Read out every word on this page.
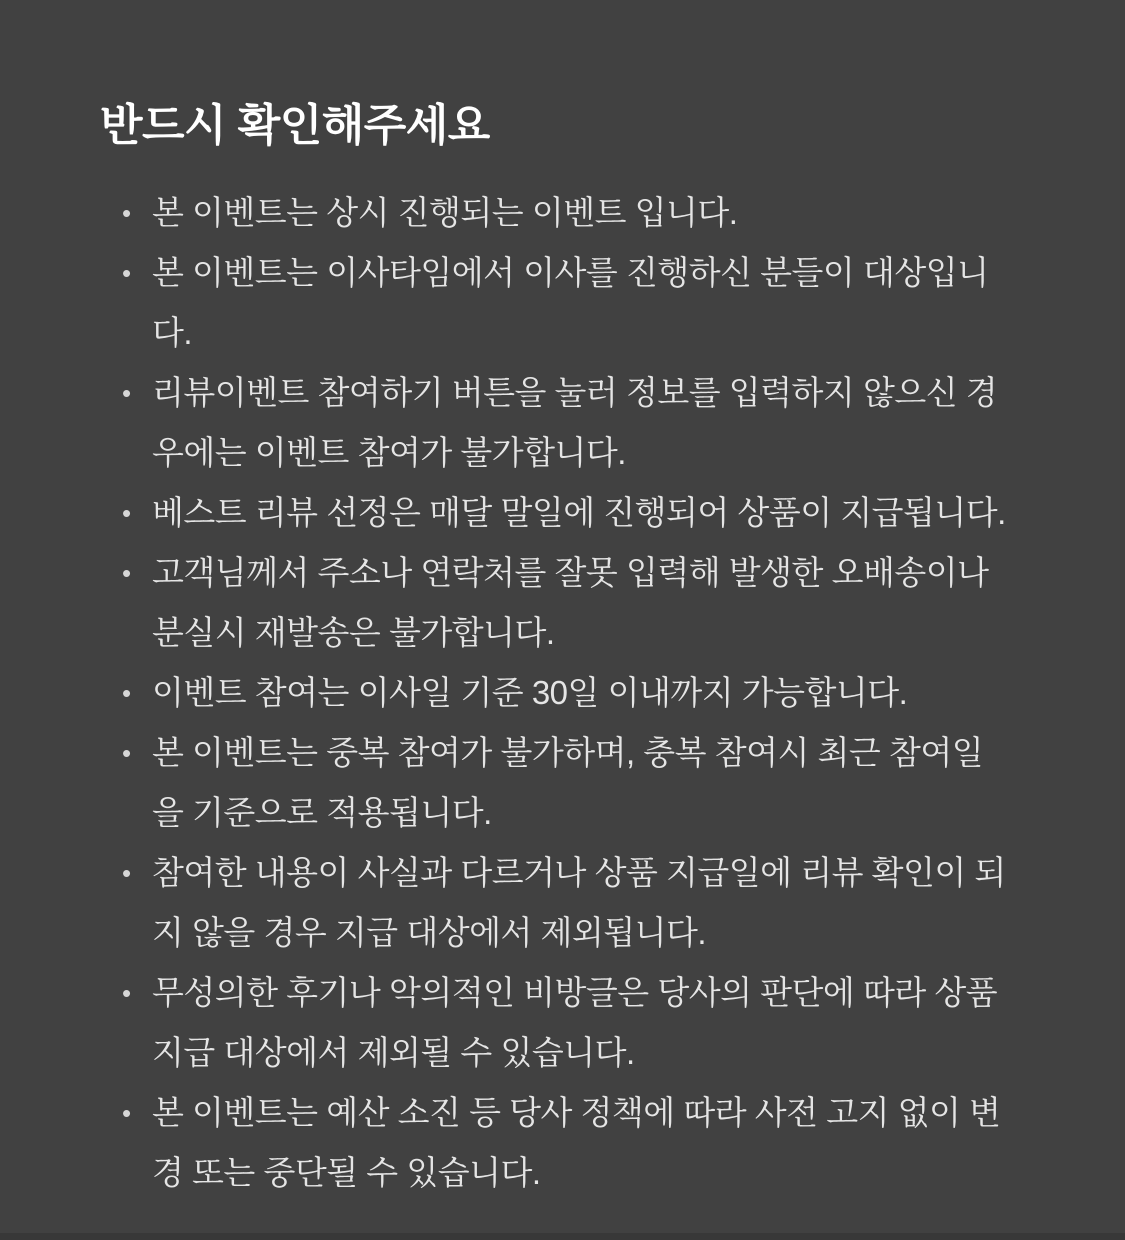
반드시 확인해주세요
• 본 이벤트는 상시 진행되는 이벤트 입니다.
• 본 이벤트는 이사타임에서 이사를 진행하신 분들이 대상입니다.
• 리뷰이벤트 참여하기 버튼을 눌러 정보를 입력하지 않으신 경우에는 이벤트 참여가 불가합니다.
• 베스트 리뷰 선정은 매달 말일에 진행되어 상품이 지급됩니다.
• 고객님께서 주소나 연락처를 잘못 입력해 발생한 오배송이나 분실시 재발송은 불가합니다.
• 이벤트 참여는 이사일 기준 30일 이내까지 가능합니다.
• 본 이벤트는 중복 참여가 불가하며, 충복 참여시 최근 참여일을 기준으로 적용됩니다.
• 참여한 내용이 사실과 다르거나 상품 지급일에 리뷰 확인이 되지 않을 경우 지급 대상에서 제외됩니다.
• 무성의한 후기나 악의적인 비방글은 당사의 판단에 따라 상품 지급 대상에서 제외될 수 있습니다.
• 본 이벤트는 예산 소진 등 당사 정책에 따라 사전 고지 없이 변경 또는 중단될 수 있습니다.
